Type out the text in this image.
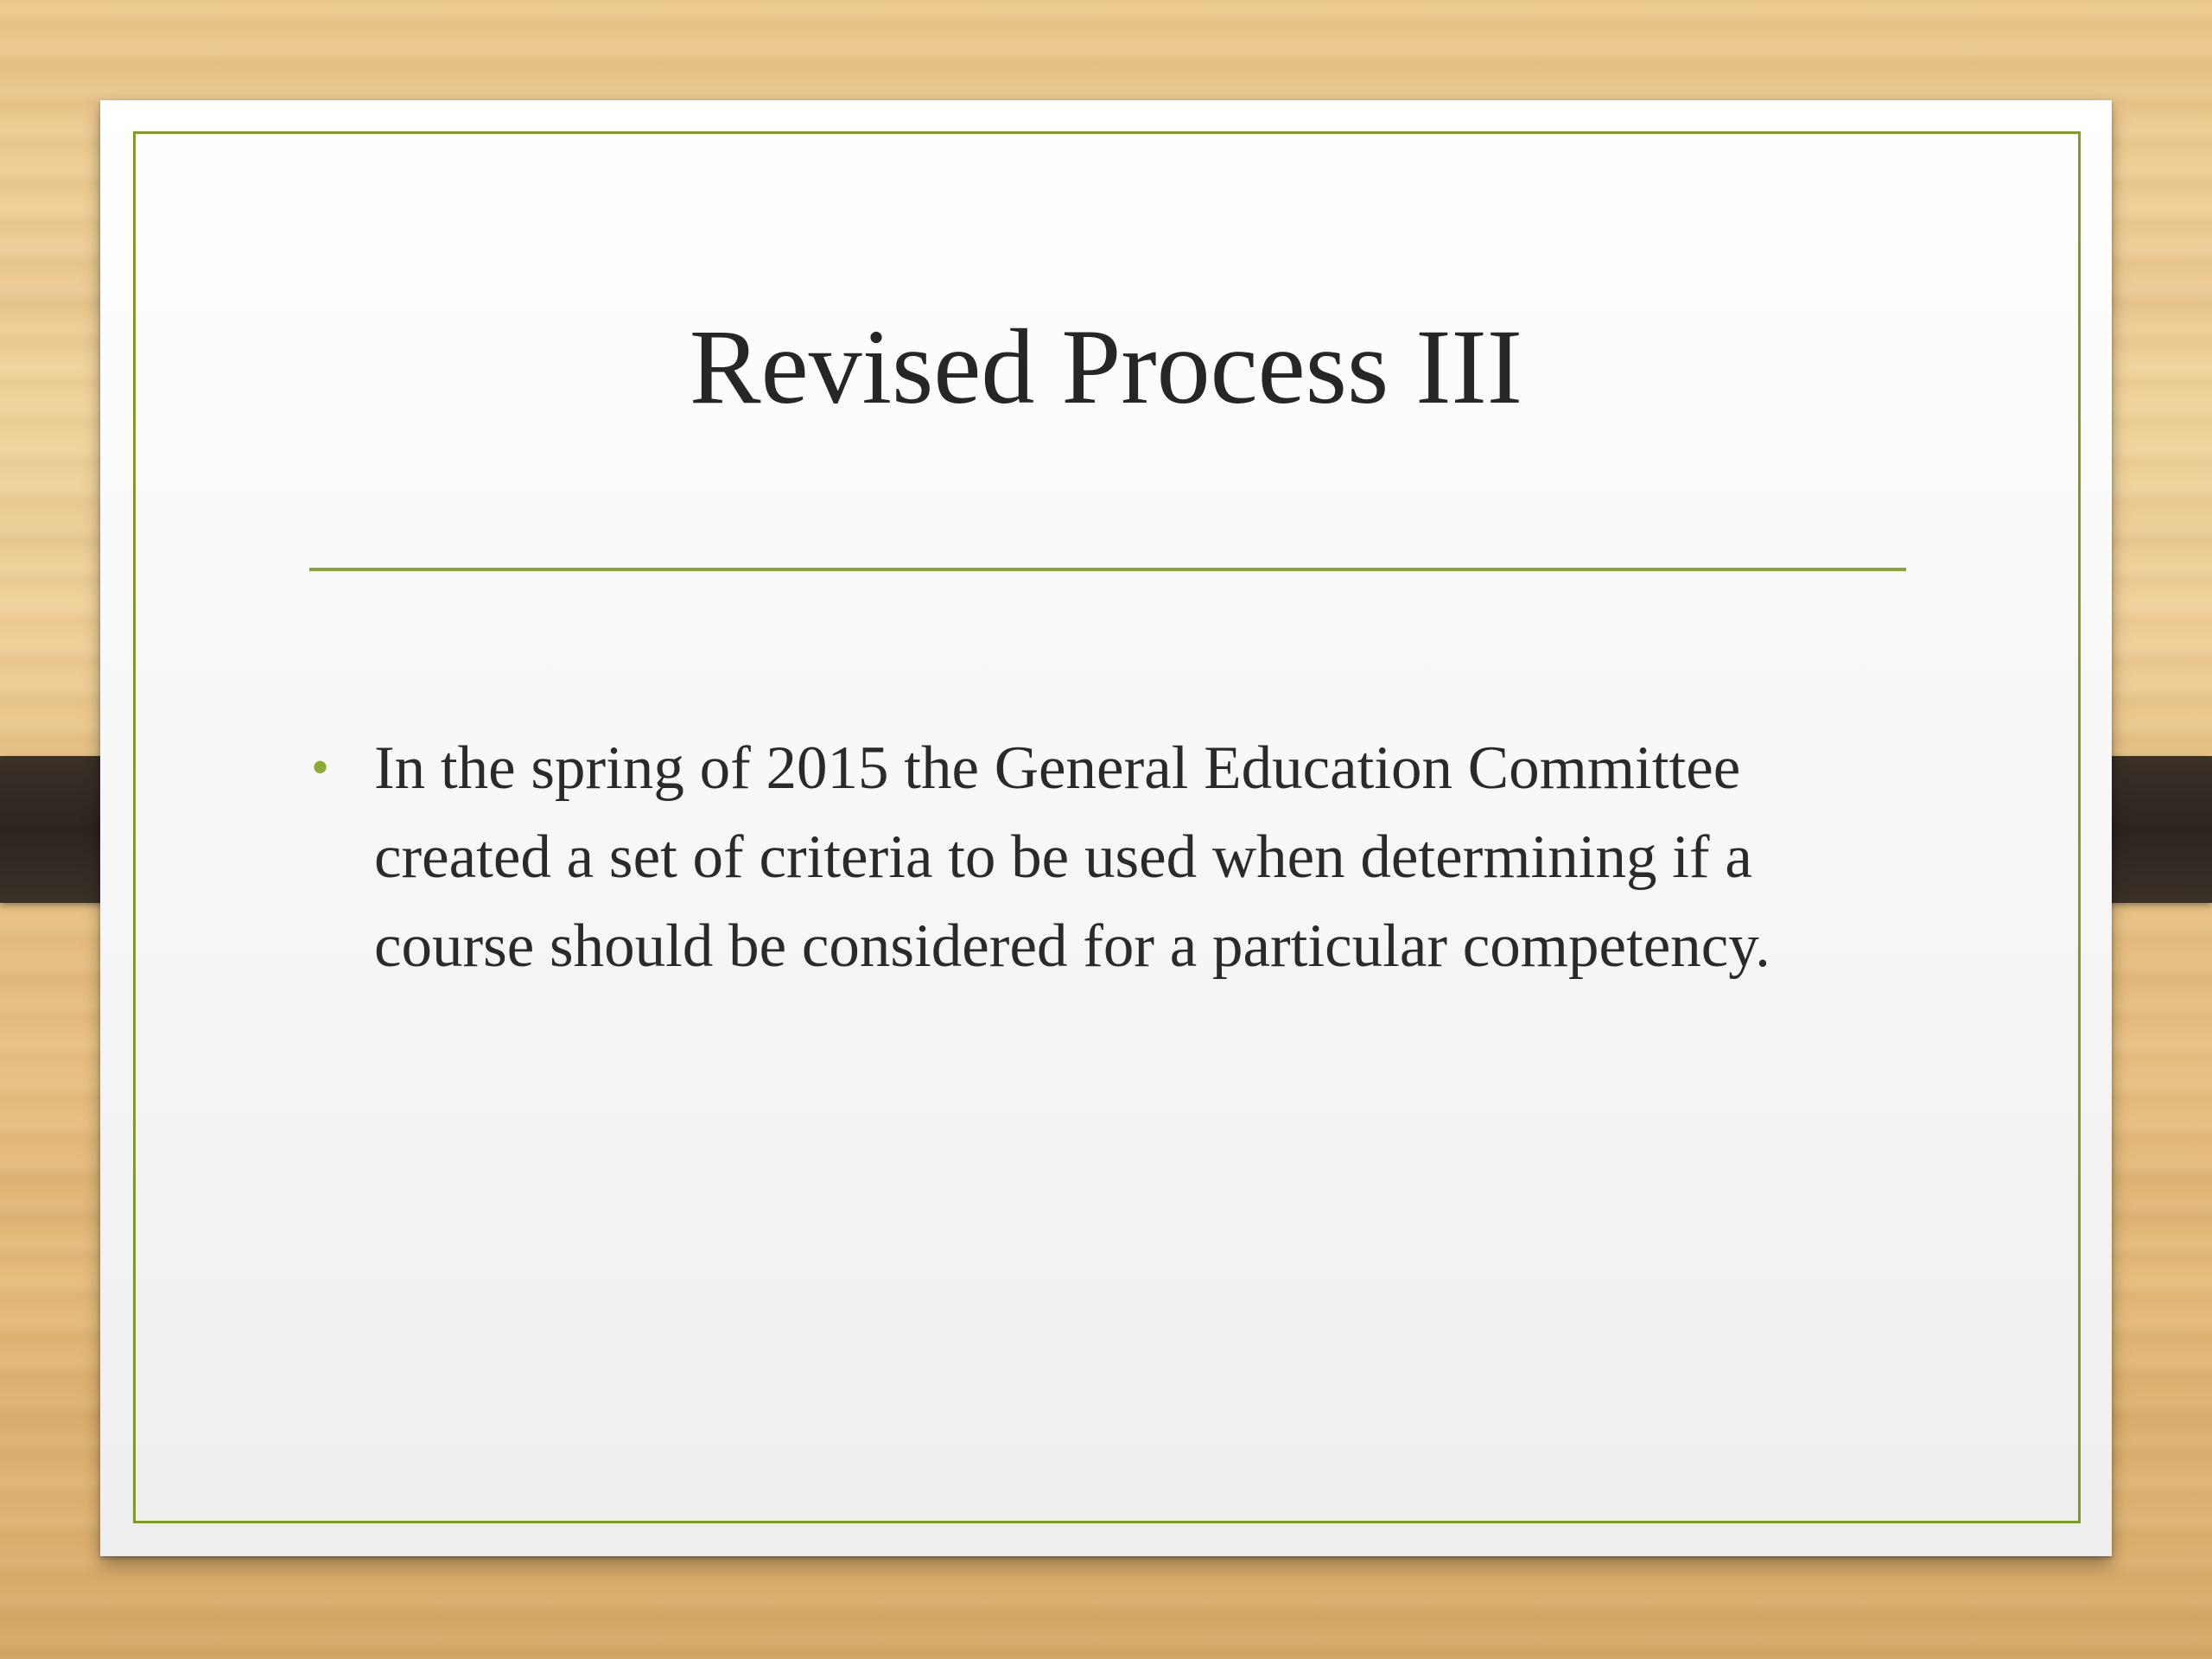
Revised Process III
• In the spring of 2015 the General Education Committee created a set of criteria to be used when determining if a course should be considered for a particular competency.
